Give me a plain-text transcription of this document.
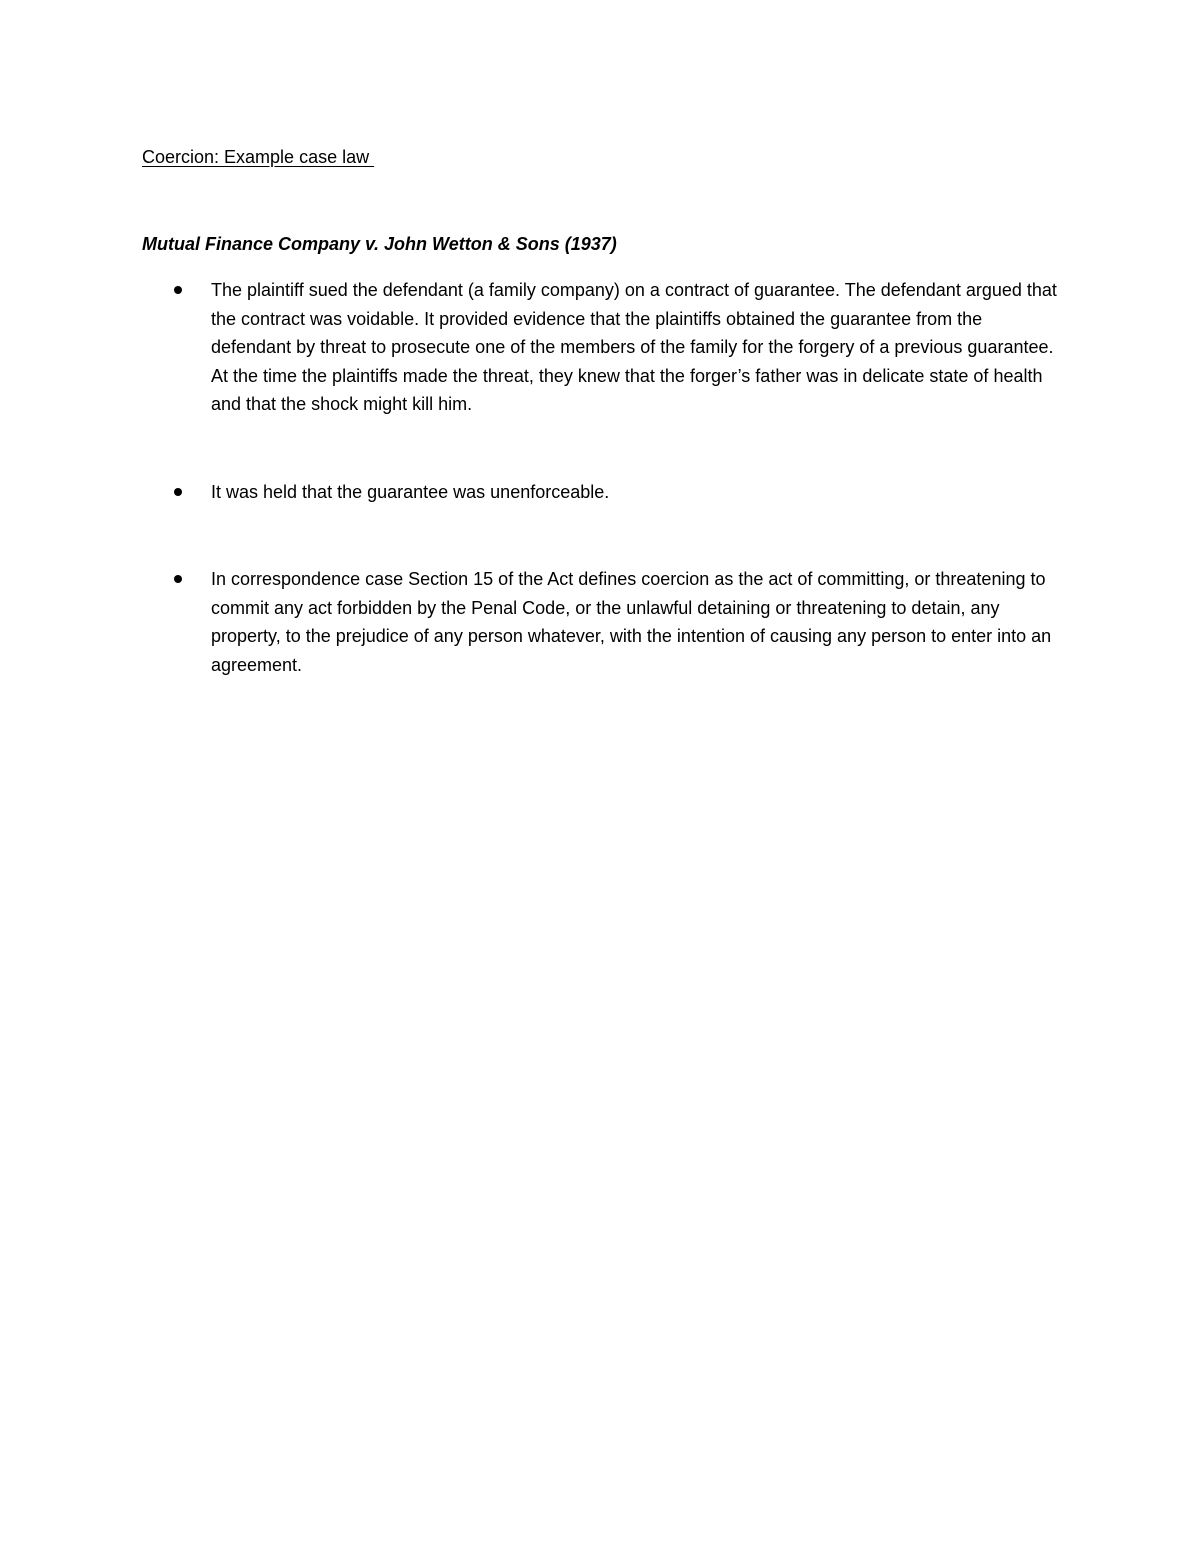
Coercion: Example case law
Mutual Finance Company v. John Wetton & Sons (1937)
The plaintiff sued the defendant (a family company) on a contract of guarantee. The defendant argued that the contract was voidable. It provided evidence that the plaintiffs obtained the guarantee from the defendant by threat to prosecute one of the members of the family for the forgery of a previous guarantee. At the time the plaintiffs made the threat, they knew that the forger’s father was in delicate state of health and that the shock might kill him.
It was held that the guarantee was unenforceable.
In correspondence case Section 15 of the Act defines coercion as the act of committing, or threatening to commit any act forbidden by the Penal Code, or the unlawful detaining or threatening to detain, any property, to the prejudice of any person whatever, with the intention of causing any person to enter into an agreement.
